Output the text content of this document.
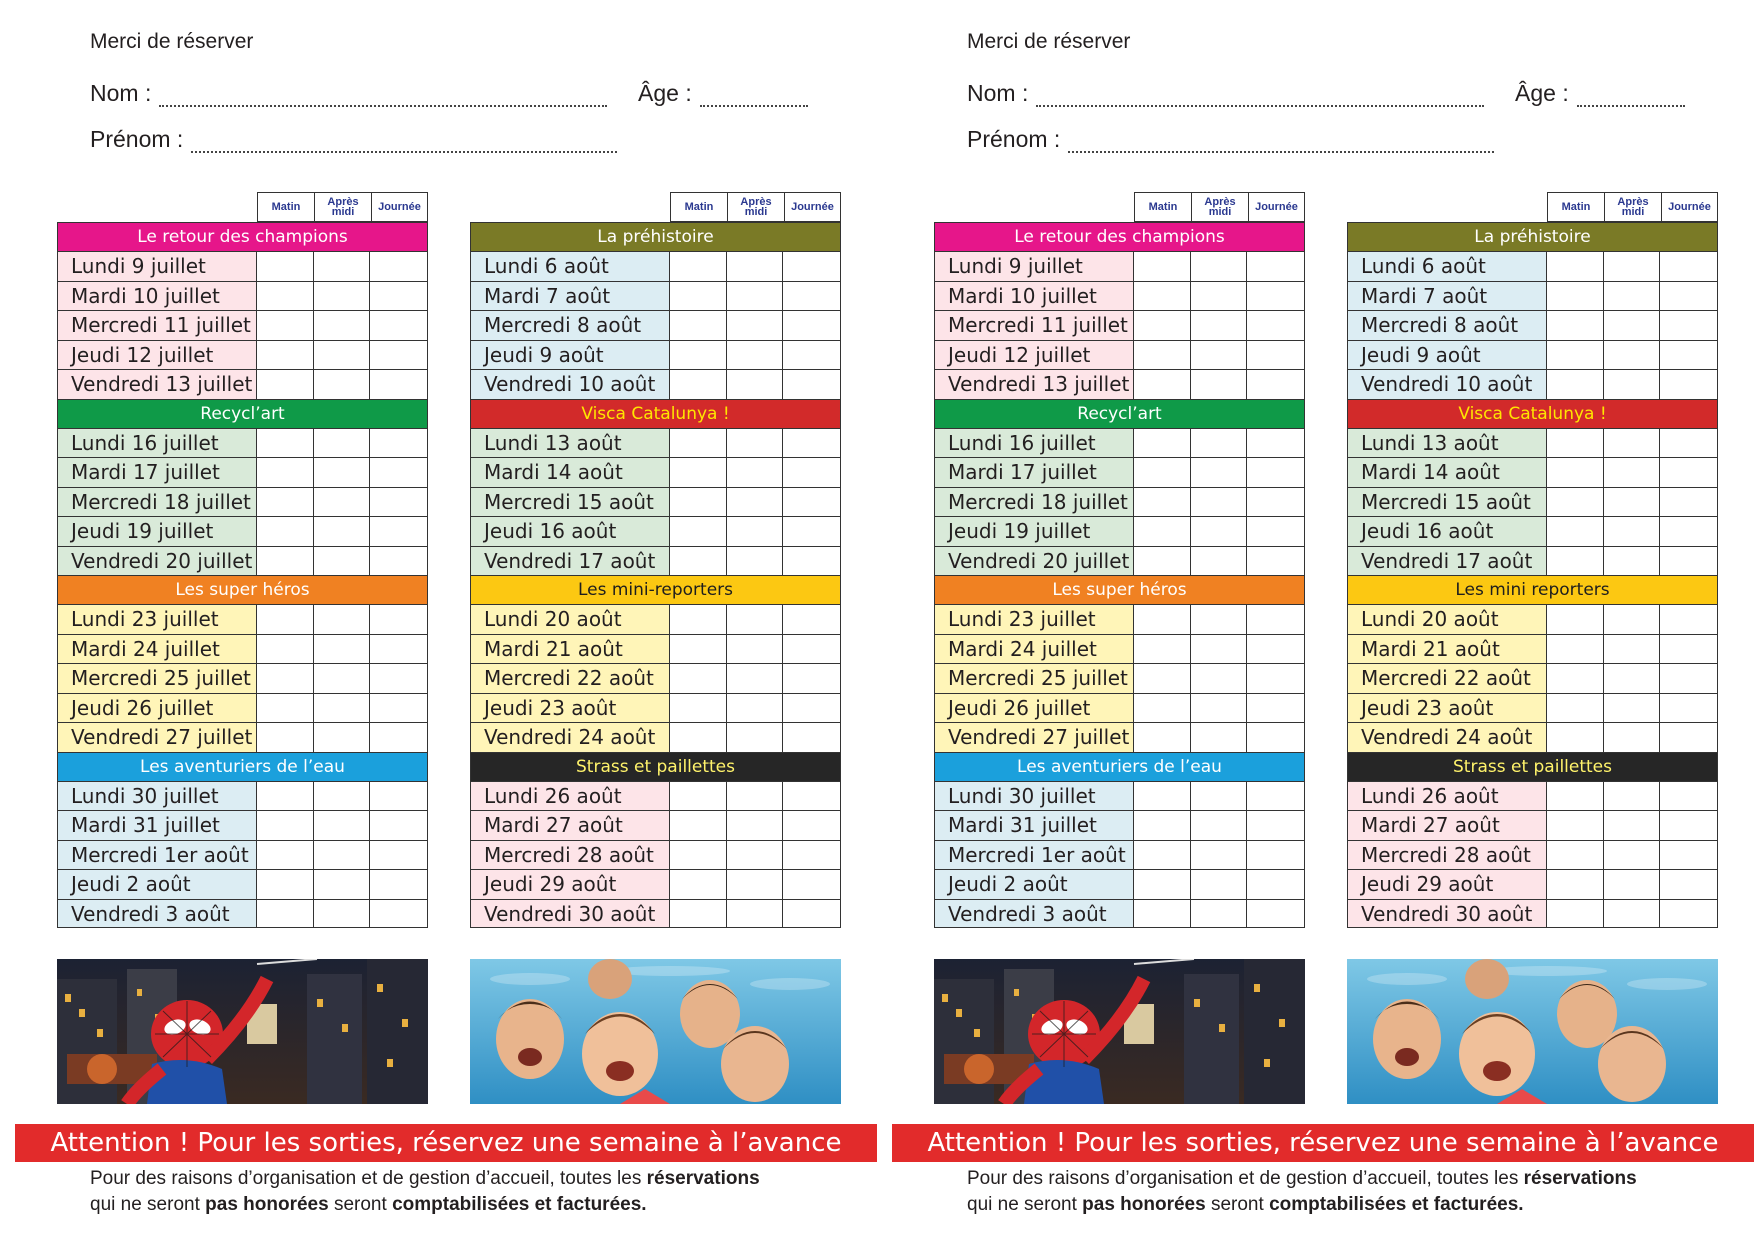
Merci de réserver
Nom :	Âge :
Prénom :
Matin	Après midi	Journée
Le retour des champions
Lundi 9 juillet
Mardi 10 juillet
Mercredi 11 juillet
Jeudi 12 juillet
Vendredi 13 juillet
Recycl’art
Lundi 16 juillet
Mardi 17 juillet
Mercredi 18 juillet
Jeudi 19 juillet
Vendredi 20 juillet
Les super héros
Lundi 23 juillet
Mardi 24 juillet
Mercredi 25 juillet
Jeudi 26 juillet
Vendredi 27 juillet
Les aventuriers de l’eau
Lundi 30 juillet
Mardi 31 juillet
Mercredi 1er août
Jeudi 2 août
Vendredi 3 août
Matin	Après midi	Journée
La préhistoire
Lundi 6 août
Mardi 7 août
Mercredi 8 août
Jeudi 9 août
Vendredi 10 août
Visca Catalunya !
Lundi 13 août
Mardi 14 août
Mercredi 15 août
Jeudi 16 août
Vendredi 17 août
Les mini-reporters
Lundi 20 août
Mardi 21 août
Mercredi 22 août
Jeudi 23 août
Vendredi 24 août
Strass et paillettes
Lundi 26 août
Mardi 27 août
Mercredi 28 août
Jeudi 29 août
Vendredi 30 août
Attention ! Pour les sorties, réservez une semaine à l’avance
Pour des raisons d’organisation et de gestion d’accueil, toutes les réservations
qui ne seront pas honorées seront comptabilisées et facturées.
Merci de réserver
Nom :	Âge :
Prénom :
Matin	Après midi	Journée
Le retour des champions
Lundi 9 juillet
Mardi 10 juillet
Mercredi 11 juillet
Jeudi 12 juillet
Vendredi 13 juillet
Recycl’art
Lundi 16 juillet
Mardi 17 juillet
Mercredi 18 juillet
Jeudi 19 juillet
Vendredi 20 juillet
Les super héros
Lundi 23 juillet
Mardi 24 juillet
Mercredi 25 juillet
Jeudi 26 juillet
Vendredi 27 juillet
Les aventuriers de l’eau
Lundi 30 juillet
Mardi 31 juillet
Mercredi 1er août
Jeudi 2 août
Vendredi 3 août
Matin	Après midi	Journée
La préhistoire
Lundi 6 août
Mardi 7 août
Mercredi 8 août
Jeudi 9 août
Vendredi 10 août
Visca Catalunya !
Lundi 13 août
Mardi 14 août
Mercredi 15 août
Jeudi 16 août
Vendredi 17 août
Les mini reporters
Lundi 20 août
Mardi 21 août
Mercredi 22 août
Jeudi 23 août
Vendredi 24 août
Strass et paillettes
Lundi 26 août
Mardi 27 août
Mercredi 28 août
Jeudi 29 août
Vendredi 30 août
Attention ! Pour les sorties, réservez une semaine à l’avance
Pour des raisons d’organisation et de gestion d’accueil, toutes les réservations
qui ne seront pas honorées seront comptabilisées et facturées.
